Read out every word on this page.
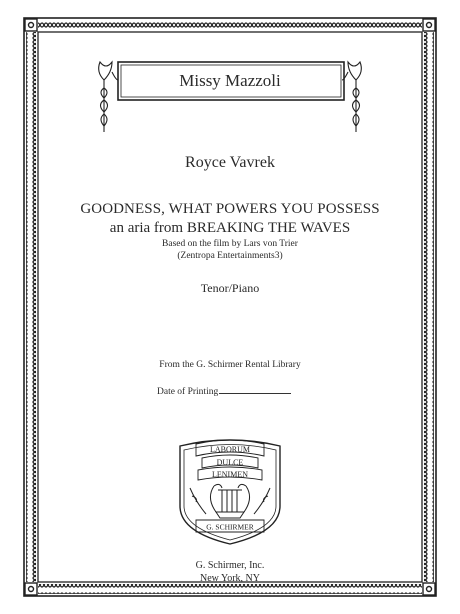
Missy Mazzoli

Royce Vavrek

GOODNESS, WHAT POWERS YOU POSSESS

an aria from BREAKING THE WAVES

Based on the film by Lars von Trier

(Zentropa Entertainments3)

Tenor/Piano

From the G. Schirmer Rental Library

Date of Printing
LABORUM
DULCE
LENIMEN
G. SCHIRMER

G. Schirmer, Inc.

New York, NY
